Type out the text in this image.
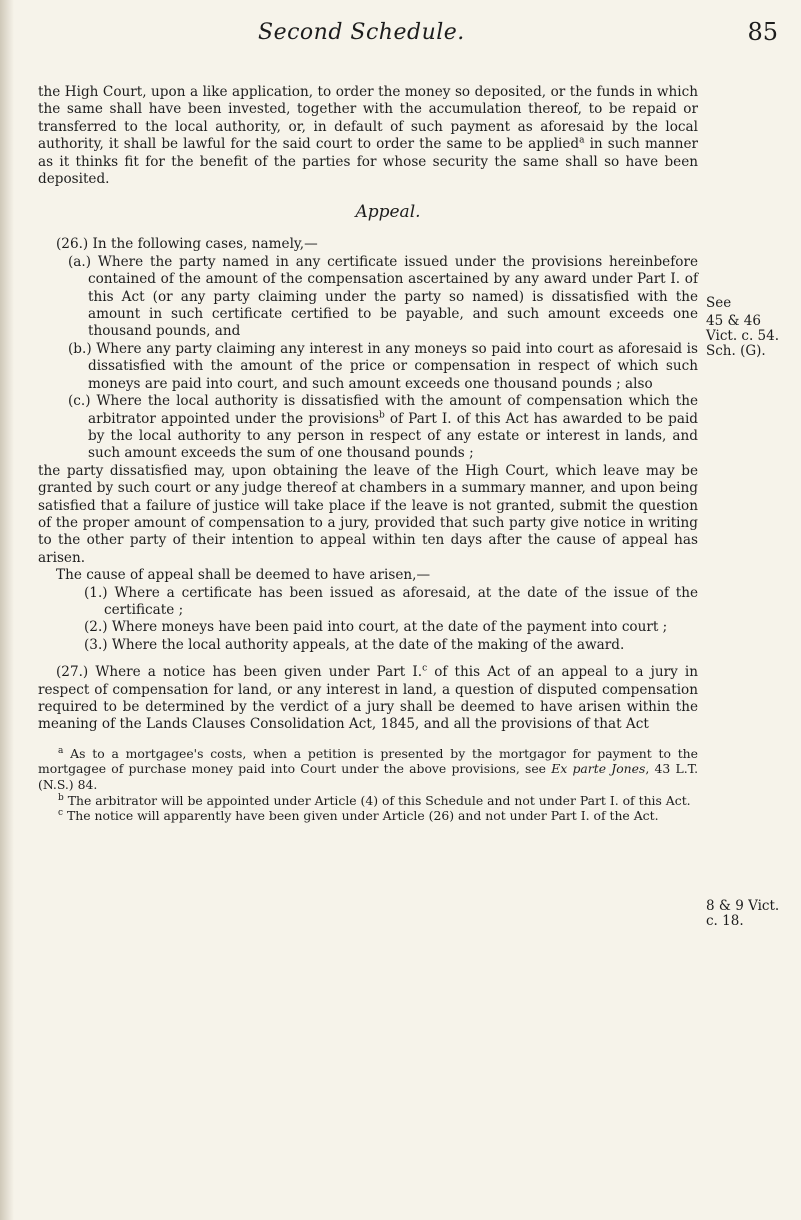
Second Schedule.	85

the High Court, upon a like application, to order the money so deposited, or the funds in which the same shall have been invested, together with the accumulation thereof, to be repaid or transferred to the local authority, or, in default of such payment as aforesaid by the local authority, it shall be lawful for the said court to order the same to be applied$^a$ in such manner as it thinks fit for the benefit of the parties for whose security the same shall so have been deposited.

Appeal.

(26.) In the following cases, namely,—

(a.) Where the party named in any certificate issued under the provisions hereinbefore contained of the amount of the compensation ascertained by any award under Part I. of this Act (or any party claiming under the party so named) is dissatisfied with the amount in such certificate certified to be payable, and such amount exceeds one thousand pounds, and

(b.) Where any party claiming any interest in any moneys so paid into court as aforesaid is dissatisfied with the amount of the price or compensation in respect of which such moneys are paid into court, and such amount exceeds one thousand pounds ; also

(c.) Where the local authority is dissatisfied with the amount of compensation which the arbitrator appointed under the provisions$^b$ of Part I. of this Act has awarded to be paid by the local authority to any person in respect of any estate or interest in lands, and such amount exceeds the sum of one thousand pounds ;

the party dissatisfied may, upon obtaining the leave of the High Court, which leave may be granted by such court or any judge thereof at chambers in a summary manner, and upon being satisfied that a failure of justice will take place if the leave is not granted, submit the question of the proper amount of compensation to a jury, provided that such party give notice in writing to the other party of their intention to appeal within ten days after the cause of appeal has arisen.

The cause of appeal shall be deemed to have arisen,—

(1.) Where a certificate has been issued as aforesaid, at the date of the issue of the certificate ;

(2.) Where moneys have been paid into court, at the date of the payment into court ;

(3.) Where the local authority appeals, at the date of the making of the award.

(27.) Where a notice has been given under Part I.$^c$ of this Act of an appeal to a jury in respect of compensation for land, or any interest in land, a question of disputed compensation required to be determined by the verdict of a jury shall be deemed to have arisen within the meaning of the Lands Clauses Consolidation Act, 1845, and all the provisions of that Act

$^a$ As to a mortgagee's costs, when a petition is presented by the mortgagor for payment to the mortgagee of purchase money paid into Court under the above provisions, see Ex parte Jones, 43 L.T. (N.S.) 84.

$^b$ The arbitrator will be appointed under Article (4) of this Schedule and not under Part I. of this Act.

$^c$ The notice will apparently have been given under Article (26) and not under Part I. of the Act.

See
45 & 46
Vict. c. 54.
Sch. (G).
8 & 9 Vict.
c. 18.
